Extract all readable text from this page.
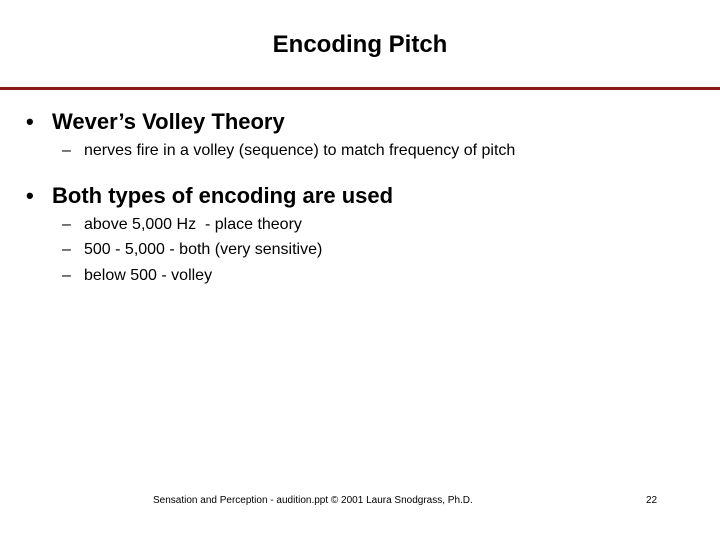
Encoding Pitch
• Wever’s Volley Theory
– nerves fire in a volley (sequence) to match frequency of pitch
• Both types of encoding are used
– above 5,000 Hz  - place theory
– 500 - 5,000 - both (very sensitive)
– below 500 - volley
Sensation and Perception - audition.ppt © 2001 Laura Snodgrass, Ph.D.	22
